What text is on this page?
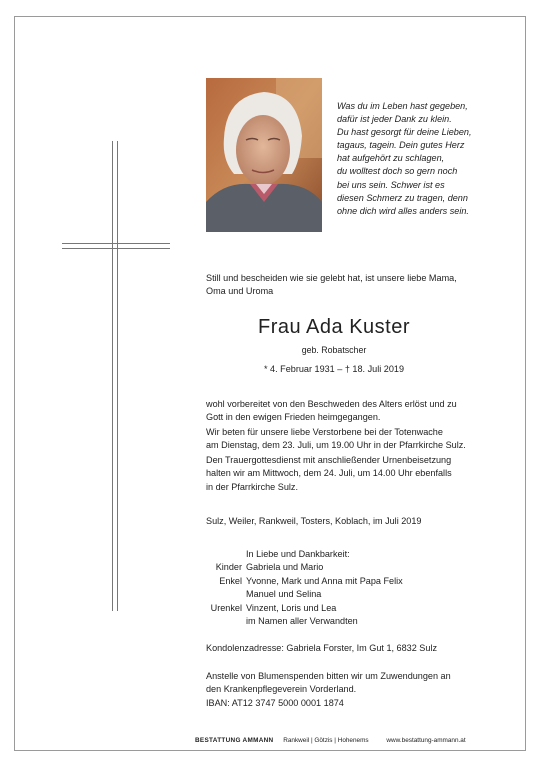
Was du im Leben hast gegeben,
dafür ist jeder Dank zu klein.
Du hast gesorgt für deine Lieben,
tagaus, tagein. Dein gutes Herz
hat aufgehört zu schlagen,
du wolltest doch so gern noch
bei uns sein. Schwer ist es
diesen Schmerz zu tragen, denn
ohne dich wird alles anders sein.
Still und bescheiden wie sie gelebt hat, ist unsere liebe Mama,
Oma und Uroma
Frau Ada Kuster
geb. Robatscher
* 4. Februar 1931 – † 18. Juli 2019
wohl vorbereitet von den Beschweden des Alters erlöst und zu
Gott in den ewigen Frieden heimgegangen.
Wir beten für unsere liebe Verstorbene bei der Totenwache
am Dienstag, dem 23. Juli, um 19.00 Uhr in der Pfarrkirche Sulz.
Den Trauergottesdienst mit anschließender Urnenbeisetzung
halten wir am Mittwoch, dem 24. Juli, um 14.00 Uhr ebenfalls
in der Pfarrkirche Sulz.
Sulz, Weiler, Rankweil, Tosters, Koblach, im Juli 2019
In Liebe und Dankbarkeit:
Kinder Gabriela und Mario
Enkel Yvonne, Mark und Anna mit Papa Felix
Manuel und Selina
Urenkel Vinzent, Loris und Lea
im Namen aller Verwandten
Kondolenzadresse: Gabriela Forster, Im Gut 1, 6832 Sulz
Anstelle von Blumenspenden bitten wir um Zuwendungen an
den Krankenpflegeverein Vorderland.
IBAN: AT12 3747 5000 0001 1874
BESTATTUNG AMMANN Rankweil | Götzis | Hohenems	www.bestattung-ammann.at
